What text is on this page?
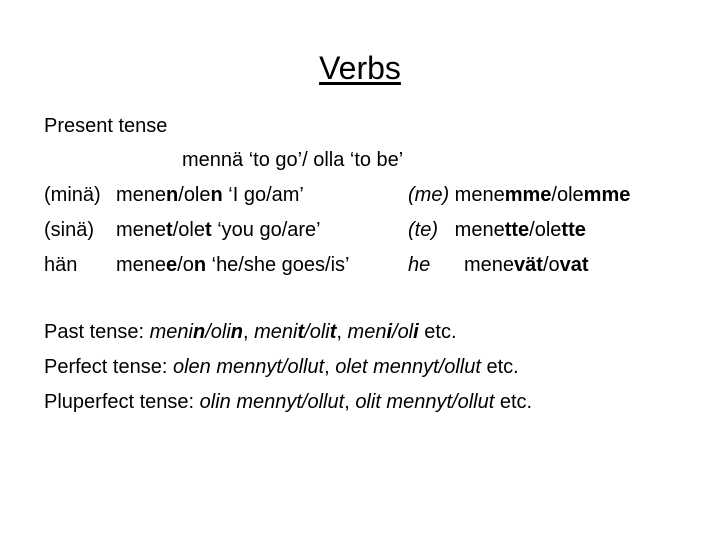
Verbs
Present tense
mennä ‘to go’/ olla ‘to be’
(minä) menen/olen ‘I go/am’	(me) menemme/olemme
(sinä) menet/olet ‘you go/are’	(te) menette/olette
hän menee/on ‘he/she goes/is’	he menevät/ovat
Past tense: menin/olin, menit/olit, meni/oli etc.
Perfect tense: olen mennyt/ollut, olet mennyt/ollut etc.
Pluperfect tense: olin mennyt/ollut, olit mennyt/ollut etc.
